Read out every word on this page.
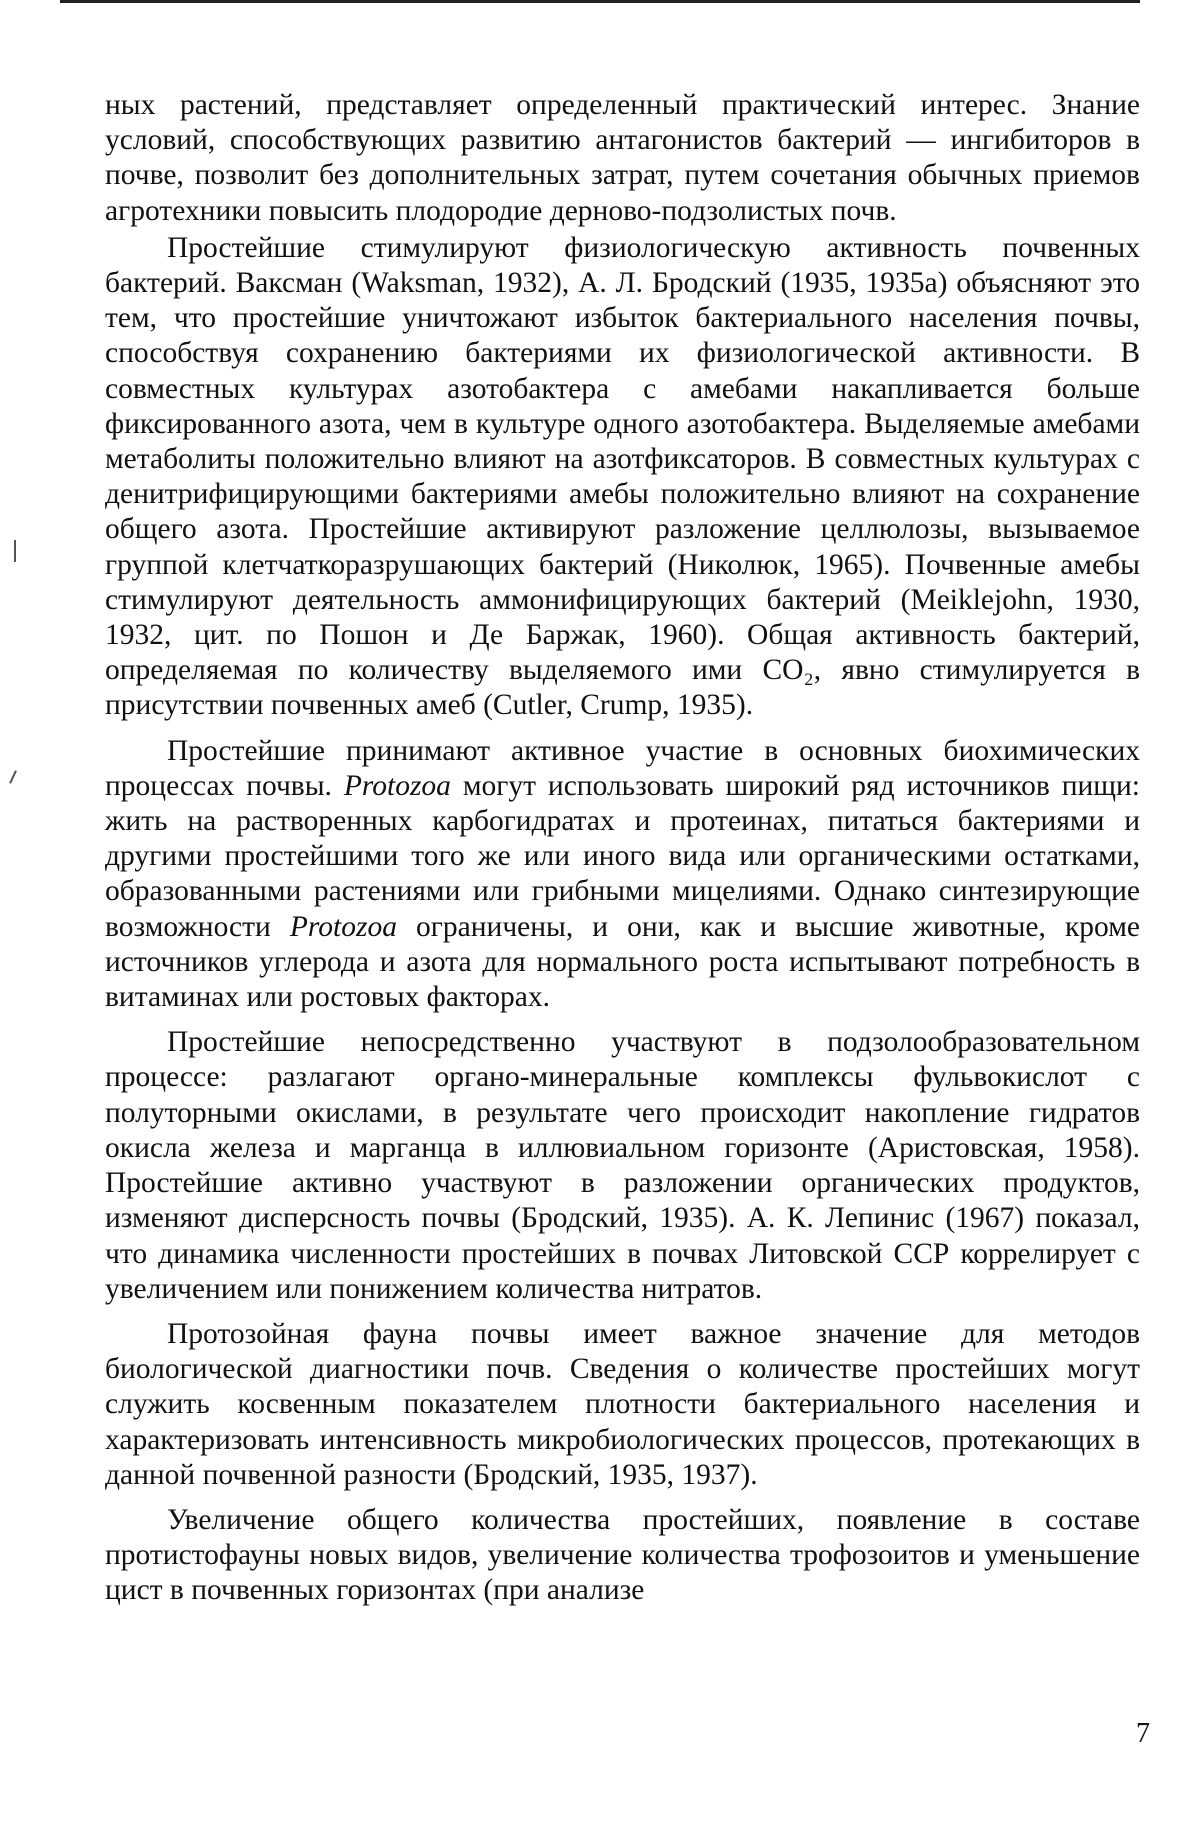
ных растений, представляет определенный практический интерес. Знание условий, способствующих развитию антагонистов бактерий — ингибиторов в почве, позволит без дополнительных затрат, путем сочетания обычных приемов агротехники повысить плодородие дерново-подзолистых почв.

Простейшие стимулируют физиологическую активность почвенных бактерий. Ваксман (Waksman, 1932), А. Л. Бродский (1935, 1935а) объясняют это тем, что простейшие уничтожают избыток бактериального населения почвы, способствуя сохранению бактериями их физиологической активности. В совместных культурах азотобактера с амебами накапливается больше фиксированного азота, чем в культуре одного азотобактера. Выделяемые амебами метаболиты положительно влияют на азотфиксаторов. В совместных культурах с денитрифицирующими бактериями амебы положительно влияют на сохранение общего азота. Простейшие активируют разложение целлюлозы, вызываемое группой клетчаткоразрушающих бактерий (Николюк, 1965). Почвенные амебы стимулируют деятельность аммонифицирующих бактерий (Meiklejohn, 1930, 1932, цит. по Пошон и Де Баржак, 1960). Общая активность бактерий, определяемая по количеству выделяемого ими CO₂, явно стимулируется в присутствии почвенных амеб (Cutler, Crump, 1935).

Простейшие принимают активное участие в основных биохимических процессах почвы. Protozoa могут использовать широкий ряд источников пищи: жить на растворенных карбогидратах и протеинах, питаться бактериями и другими простейшими того же или иного вида или органическими остатками, образованными растениями или грибными мицелиями. Однако синтезирующие возможности Protozoa ограничены, и они, как и высшие животные, кроме источников углерода и азота для нормального роста испытывают потребность в витаминах или ростовых факторах.

Простейшие непосредственно участвуют в подзолообразовательном процессе: разлагают органо-минеральные комплексы фульвокислот с полуторными окислами, в результате чего происходит накопление гидратов окисла железа и марганца в иллювиальном горизонте (Аристовская, 1958). Простейшие активно участвуют в разложении органических продуктов, изменяют дисперсность почвы (Бродский, 1935). А. К. Лепинис (1967) показал, что динамика численности простейших в почвах Литовской ССР коррелирует с увеличением или понижением количества нитратов.

Протозойная фауна почвы имеет важное значение для методов биологической диагностики почв. Сведения о количестве простейших могут служить косвенным показателем плотности бактериального населения и характеризовать интенсивность микробиологических процессов, протекающих в данной почвенной разности (Бродский, 1935, 1937).

Увеличение общего количества простейших, появление в составе протистофауны новых видов, увеличение количества трофозоитов и уменьшение цист в почвенных горизонтах (при анализе

7
